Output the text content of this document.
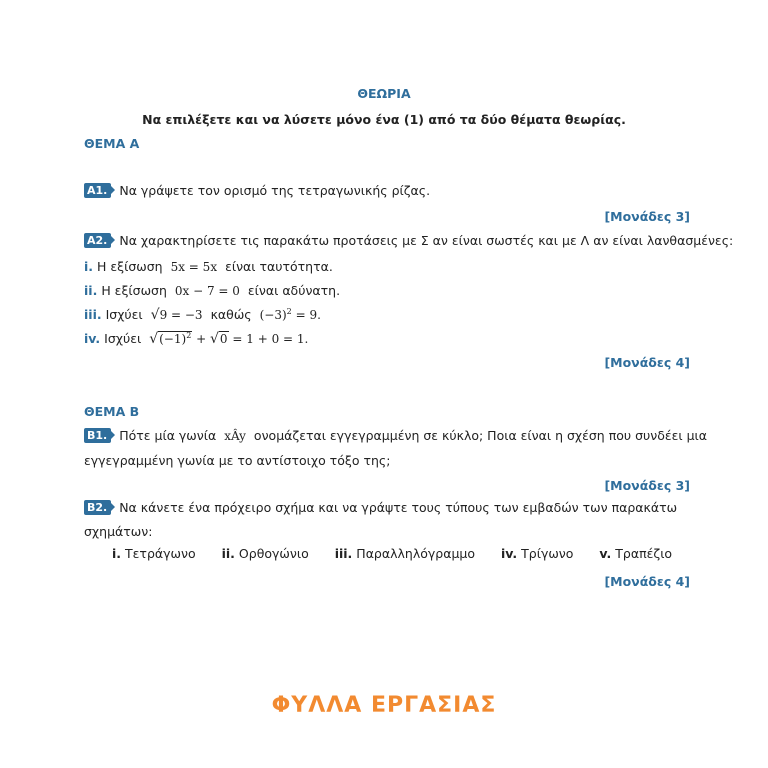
ΘΕΩΡΙΑ
Να επιλέξετε και να λύσετε μόνο ένα (1) από τα δύο θέματα θεωρίας.
ΘΕΜΑ Α
Α1. Να γράψετε τον ορισμό της τετραγωνικής ρίζας.
[Μονάδες 3]
Α2. Να χαρακτηρίσετε τις παρακάτω προτάσεις με Σ αν είναι σωστές και με Λ αν είναι λανθασμένες:
i. Η εξίσωση 5x = 5x είναι ταυτότητα.
ii. Η εξίσωση 0x − 7 = 0 είναι αδύνατη.
iii. Ισχύει √9 = −3 καθώς $(-3)^2 = 9$.
iv. Ισχύει $√(-1)^2 + √0 = 1 + 0 = 1$.
[Μονάδες 4]
ΘΕΜΑ Β
Β1. Πότε μία γωνία xÂy ονομάζεται εγγεγραμμένη σε κύκλο; Ποια είναι η σχέση που συνδέει μια
εγγεγραμμένη γωνία με το αντίστοιχο τόξο της;
[Μονάδες 3]
Β2. Να κάνετε ένα πρόχειρο σχήμα και να γράψτε τους τύπους των εμβαδών των παρακάτω
σχημάτων:
i. Τετράγωνο ii. Ορθογώνιο iii. Παραλληλόγραμμο iv. Τρίγωνο v. Τραπέζιο
[Μονάδες 4]
ΦΥΛΛΑ ΕΡΓΑΣΙΑΣ
